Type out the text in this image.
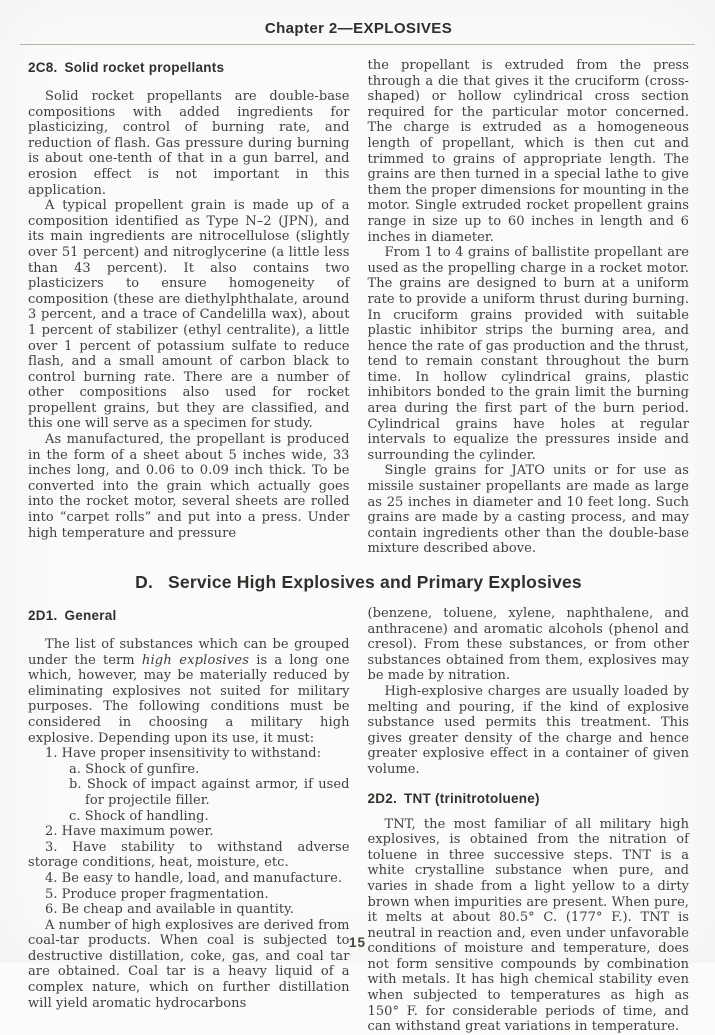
Chapter 2—EXPLOSIVES
2C8. Solid rocket propellants

Solid rocket propellants are double-base compositions with added ingredients for plasticizing, control of burning rate, and reduction of flash. Gas pressure during burning is about one-tenth of that in a gun barrel, and erosion effect is not important in this application.

A typical propellent grain is made up of a composition identified as Type N–2 (JPN), and its main ingredients are nitrocellulose (slightly over 51 percent) and nitroglycerine (a little less than 43 percent). It also contains two plasticizers to ensure homogeneity of composition (these are diethylphthalate, around 3 percent, and a trace of Candelilla wax), about 1 percent of stabilizer (ethyl centralite), a little over 1 percent of potassium sulfate to reduce flash, and a small amount of carbon black to control burning rate. There are a number of other compositions also used for rocket propellent grains, but they are classified, and this one will serve as a specimen for study.

As manufactured, the propellant is produced in the form of a sheet about 5 inches wide, 33 inches long, and 0.06 to 0.09 inch thick. To be converted into the grain which actually goes into the rocket motor, several sheets are rolled into “carpet rolls” and put into a press. Under high temperature and pressure

the propellant is extruded from the press through a die that gives it the cruciform (cross-shaped) or hollow cylindrical cross section required for the particular motor concerned. The charge is extruded as a homogeneous length of propellant, which is then cut and trimmed to grains of appropriate length. The grains are then turned in a special lathe to give them the proper dimensions for mounting in the motor. Single extruded rocket propellent grains range in size up to 60 inches in length and 6 inches in diameter.

From 1 to 4 grains of ballistite propellant are used as the propelling charge in a rocket motor. The grains are designed to burn at a uniform rate to provide a uniform thrust during burning. In cruciform grains provided with suitable plastic inhibitor strips the burning area, and hence the rate of gas production and the thrust, tend to remain constant throughout the burn time. In hollow cylindrical grains, plastic inhibitors bonded to the grain limit the burning area during the first part of the burn period. Cylindrical grains have holes at regular intervals to equalize the pressures inside and surrounding the cylinder.

Single grains for JATO units or for use as missile sustainer propellants are made as large as 25 inches in diameter and 10 feet long. Such grains are made by a casting process, and may contain ingredients other than the double-base mixture described above.

D. Service High Explosives and Primary Explosives
2D1. General

The list of substances which can be grouped under the term high explosives is a long one which, however, may be materially reduced by eliminating explosives not suited for military purposes. The following conditions must be considered in choosing a military high explosive. Depending upon its use, it must:

1. Have proper insensitivity to withstand:
a. Shock of gunfire.
b. Shock of impact against armor, if used for projectile filler.
c. Shock of handling.
2. Have maximum power.
3. Have stability to withstand adverse storage conditions, heat, moisture, etc.
4. Be easy to handle, load, and manufacture.
5. Produce proper fragmentation.
6. Be cheap and available in quantity.

A number of high explosives are derived from coal-tar products. When coal is subjected to destructive distillation, coke, gas, and coal tar are obtained. Coal tar is a heavy liquid of a complex nature, which on further distillation will yield aromatic hydrocarbons

(benzene, toluene, xylene, naphthalene, and anthracene) and aromatic alcohols (phenol and cresol). From these substances, or from other substances obtained from them, explosives may be made by nitration.

High-explosive charges are usually loaded by melting and pouring, if the kind of explosive substance used permits this treatment. This gives greater density of the charge and hence greater explosive effect in a container of given volume.

2D2. TNT (trinitrotoluene)

TNT, the most familiar of all military high explosives, is obtained from the nitration of toluene in three successive steps. TNT is a white crystalline substance when pure, and varies in shade from a light yellow to a dirty brown when impurities are present. When pure, it melts at about 80.5° C. (177° F.). TNT is neutral in reaction and, even under unfavorable conditions of moisture and temperature, does not form sensitive compounds by combination with metals. It has high chemical stability even when subjected to temperatures as high as 150° F. for considerable periods of time, and can withstand great variations in temperature.

15
